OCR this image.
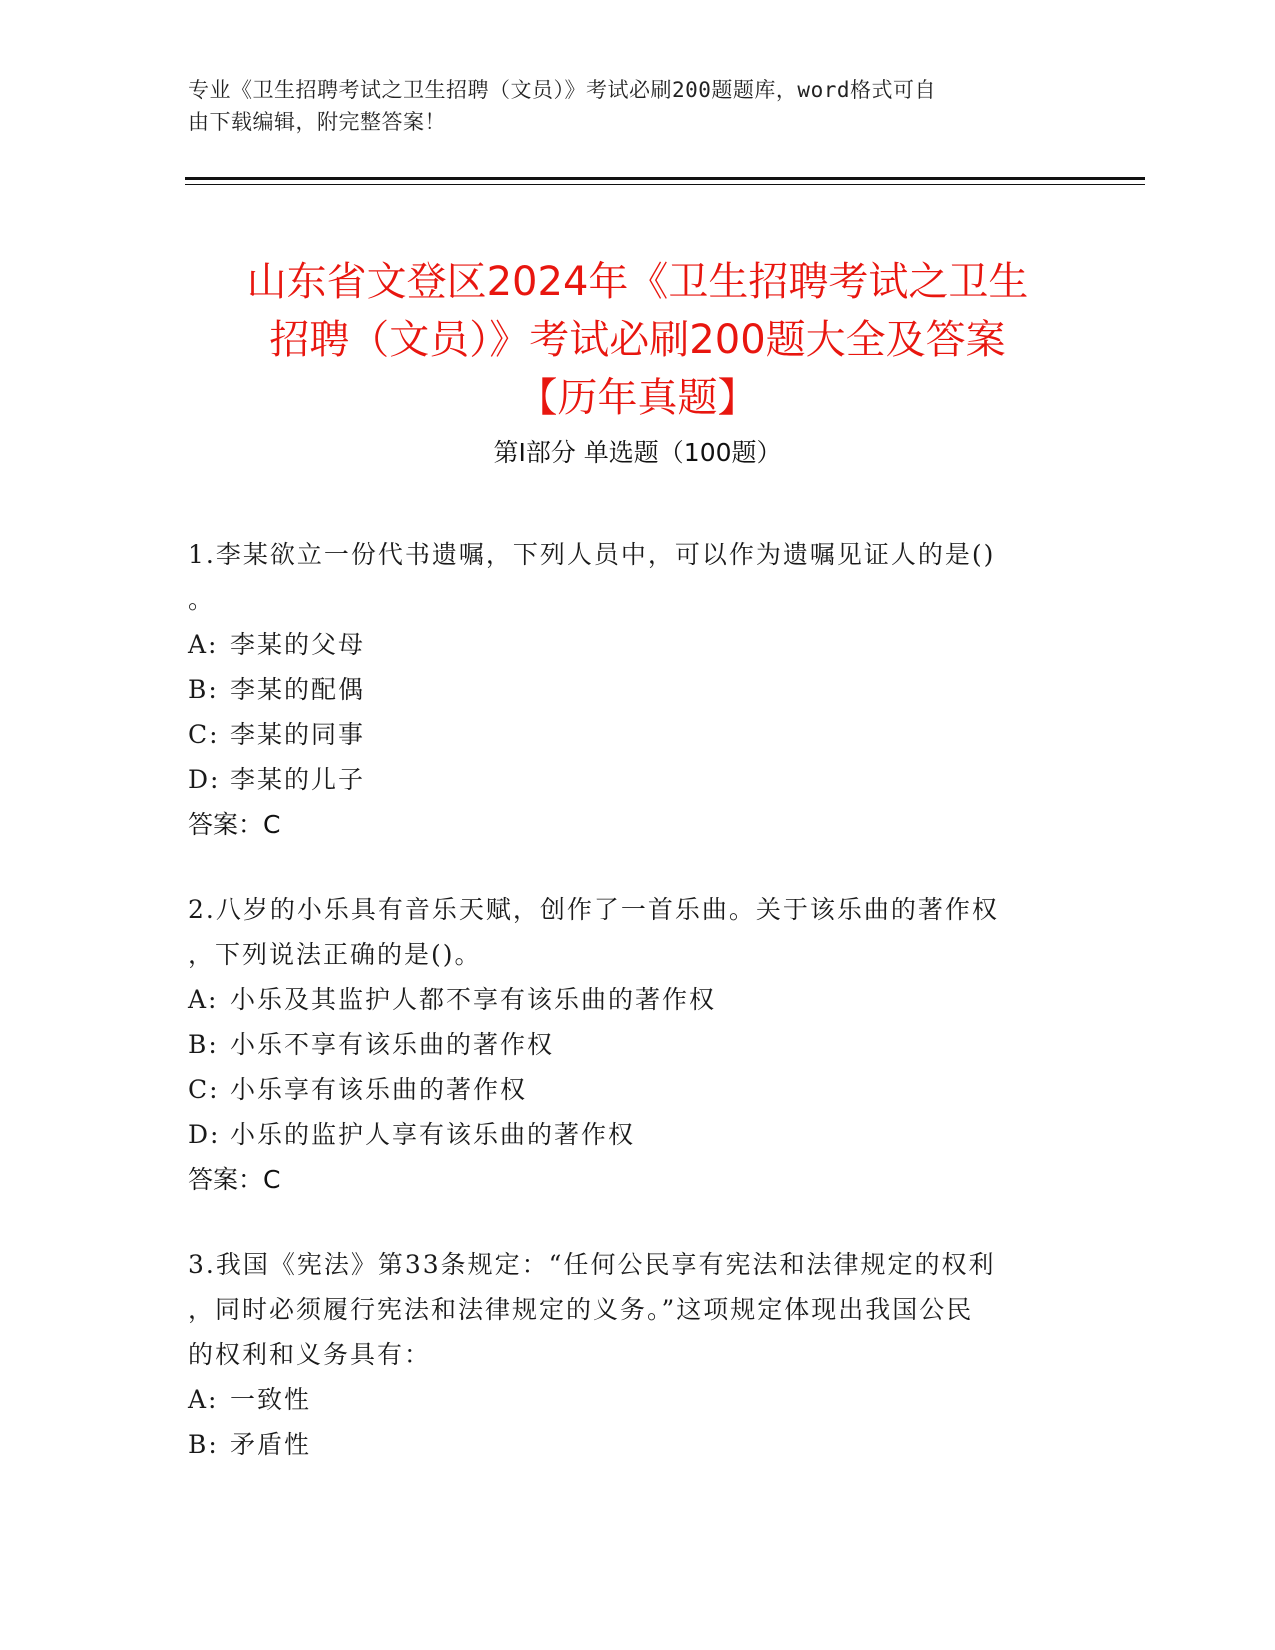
专业《卫生招聘考试之卫生招聘（文员）》考试必刷200题题库，word格式可自
由下载编辑，附完整答案！
山东省文登区2024年《卫生招聘考试之卫生
招聘（文员）》考试必刷200题大全及答案
【历年真题】
第Ⅰ部分 单选题（100题）
1.李某欲立一份代书遗嘱，下列人员中，可以作为遗嘱见证人的是()
。
A: 李某的父母
B: 李某的配偶
C: 李某的同事
D: 李某的儿子
答案：C
2.八岁的小乐具有音乐天赋，创作了一首乐曲。关于该乐曲的著作权
，下列说法正确的是()。
A: 小乐及其监护人都不享有该乐曲的著作权
B: 小乐不享有该乐曲的著作权
C: 小乐享有该乐曲的著作权
D: 小乐的监护人享有该乐曲的著作权
答案：C
3.我国《宪法》第33条规定：“任何公民享有宪法和法律规定的权利
，同时必须履行宪法和法律规定的义务。”这项规定体现出我国公民
的权利和义务具有：
A: 一致性
B: 矛盾性
